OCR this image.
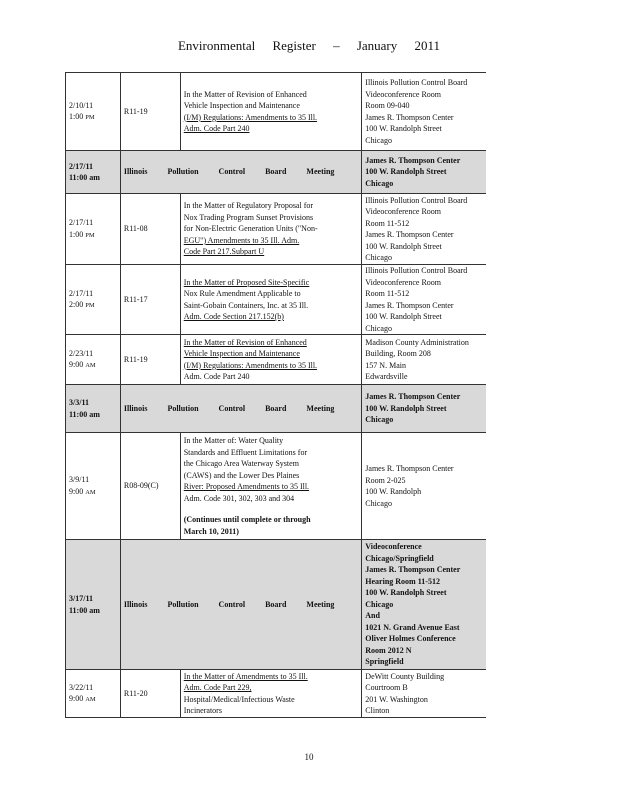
Environmental Register – January 2011
2/10/11
1:00 PM
R11-19
In the Matter of Revision of Enhanced
Vehicle Inspection and Maintenance
(I/M) Regulations: Amendments to 35 Ill.
Adm. Code Part 240
Illinois Pollution Control Board
Videoconference Room
Room 09-040
James R. Thompson Center
100 W. Randolph Street
Chicago
2/17/11
11:00 am
Illinois Pollution Control Board Meeting
James R. Thompson Center
100 W. Randolph Street
Chicago
2/17/11
1:00 PM
R11-08
In the Matter of Regulatory Proposal for
Nox Trading Program Sunset Provisions
for Non-Electric Generation Units ("Non-
EGU") Amendments to 35 Ill. Adm.
Code Part 217.Subpart U
Illinois Pollution Control Board
Videoconference Room
Room 11-512
James R. Thompson Center
100 W. Randolph Street
Chicago
2/17/11
2:00 PM
R11-17
In the Matter of Proposed Site-Specific
Nox Rule Amendment Applicable to
Saint-Gobain Containers, Inc. at 35 Ill.
Adm. Code Section 217.152(b)
Illinois Pollution Control Board
Videoconference Room
Room 11-512
James R. Thompson Center
100 W. Randolph Street
Chicago
2/23/11
9:00 AM
R11-19
In the Matter of Revision of Enhanced
Vehicle Inspection and Maintenance
(I/M) Regulations: Amendments to 35 Ill.
Adm. Code Part 240
Madison County Administration
Building, Room 208
157 N. Main
Edwardsville
3/3/11
11:00 am
Illinois Pollution Control Board Meeting
James R. Thompson Center
100 W. Randolph Street
Chicago
3/9/11
9:00 AM
R08-09(C)
In the Matter of: Water Quality
Standards and Effluent Limitations for
the Chicago Area Waterway System
(CAWS) and the Lower Des Plaines
River: Proposed Amendments to 35 Ill.
Adm. Code 301, 302, 303 and 304
(Continues until complete or through
March 10, 2011)
James R. Thompson Center
Room 2-025
100 W. Randolph
Chicago
3/17/11
11:00 am
Illinois Pollution Control Board Meeting
Videoconference
Chicago/Springfield
James R. Thompson Center
Hearing Room 11-512
100 W. Randolph Street
Chicago
And
1021 N. Grand Avenue East
Oliver Holmes Conference
Room 2012 N
Springfield
3/22/11
9:00 AM
R11-20
In the Matter of Amendments to 35 Ill.
Adm. Code Part 229,
Hospital/Medical/Infectious Waste
Incinerators
DeWitt County Building
Courtroom B
201 W. Washington
Clinton
10
